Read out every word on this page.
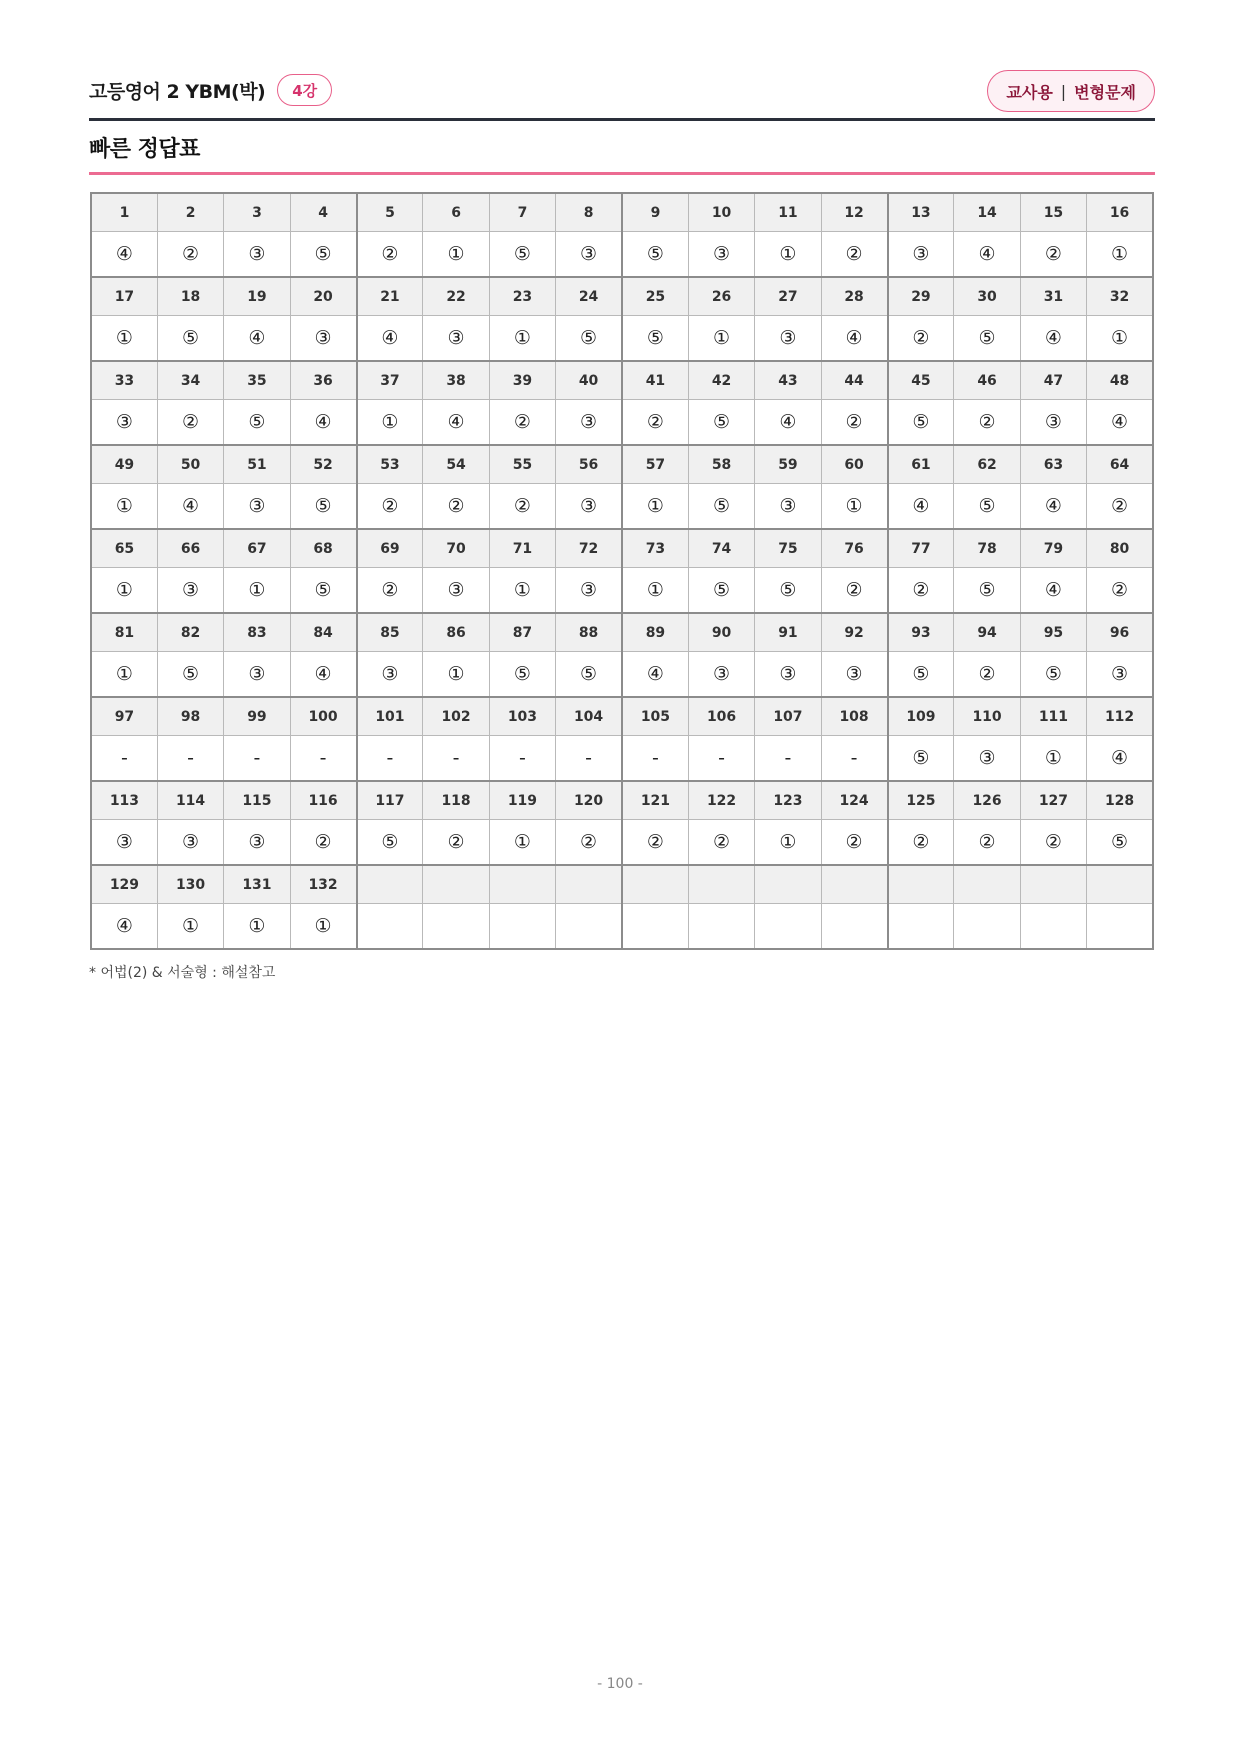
고등영어 2 YBM(박)	4강	교사용 | 변형문제
빠른 정답표
1	2	3	4	5	6	7	8	9	10	11	12	13	14	15	16
④	②	③	⑤	②	①	⑤	③	⑤	③	①	②	③	④	②	①
17	18	19	20	21	22	23	24	25	26	27	28	29	30	31	32
①	⑤	④	③	④	③	①	⑤	⑤	①	③	④	②	⑤	④	①
33	34	35	36	37	38	39	40	41	42	43	44	45	46	47	48
③	②	⑤	④	①	④	②	③	②	⑤	④	②	⑤	②	③	④
49	50	51	52	53	54	55	56	57	58	59	60	61	62	63	64
①	④	③	⑤	②	②	②	③	①	⑤	③	①	④	⑤	④	②
65	66	67	68	69	70	71	72	73	74	75	76	77	78	79	80
①	③	①	⑤	②	③	①	③	①	⑤	⑤	②	②	⑤	④	②
81	82	83	84	85	86	87	88	89	90	91	92	93	94	95	96
①	⑤	③	④	③	①	⑤	⑤	④	③	③	③	⑤	②	⑤	③
97	98	99	100	101	102	103	104	105	106	107	108	109	110	111	112
-	-	-	-	-	-	-	-	-	-	-	-	⑤	③	①	④
113	114	115	116	117	118	119	120	121	122	123	124	125	126	127	128
③	③	③	②	⑤	②	①	②	②	②	①	②	②	②	②	⑤
129	130	131	132												
④	①	①	①												
* 어법(2) & 서술형 : 해설참고
- 100 -
